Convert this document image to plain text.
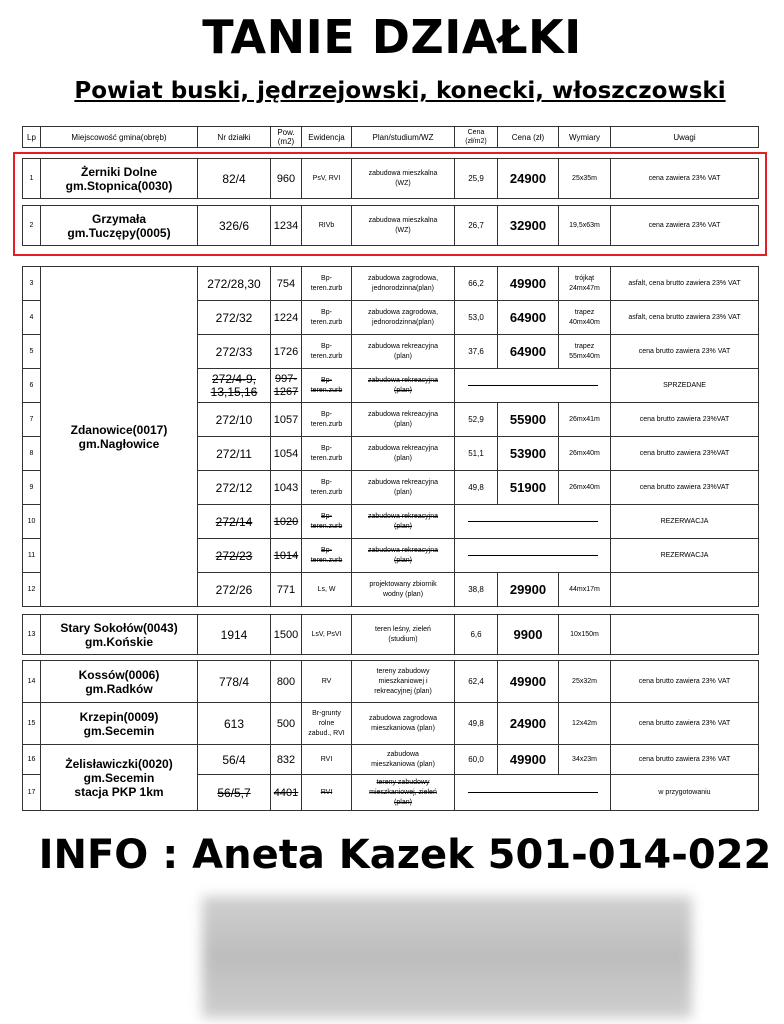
TANIE DZIAŁKI
Powiat buski, jędrzejowski, konecki, włoszczowski
Lp	Miejscowość gmina(obręb)	Nr działki	Pow.
(m2)	Ewidencja	Plan/studium/WZ	Cena
(zł/m2)	Cena (zł)	Wymiary	Uwagi

1	Żerniki Dolne
gm.Stopnica(0030)	82/4	960	PsV, RVI	zabudowa mieszkalna
(WZ)	25,9	24900	25x35m	cena zawiera 23% VAT

2	Grzymała
gm.Tuczępy(0005)	326/6	1234	RIVb	zabudowa mieszkalna
(WZ)	26,7	32900	19,5x63m	cena zawiera 23% VAT
3	Zdanowice(0017)
gm.Nagłowice	272/28,30	754	Bp-
teren.zurb	zabudowa zagrodowa,
jednorodzinna(plan)	66,2	49900	trójkąt
24mx47m	asfalt, cena brutto zawiera 23% VAT
4		272/32	1224	Bp-
teren.zurb	zabudowa zagrodowa,
jednorodzinna(plan)	53,0	64900	trapez
40mx40m	asfalt, cena brutto zawiera 23% VAT
5		272/33	1726	Bp-
teren.zurb	zabudowa rekreacyjna
(plan)	37,6	64900	trapez
55mx40m	cena brutto zawiera 23% VAT
6		272/4-9,
13,15,16	997-
1267	Bp-
teren.zurb	zabudowa rekreacyjna
(plan)				SPRZEDANE
7		272/10	1057	Bp-
teren.zurb	zabudowa rekreacyjna
(plan)	52,9	55900	26mx41m	cena brutto zawiera 23%VAT
8		272/11	1054	Bp-
teren.zurb	zabudowa rekreacyjna
(plan)	51,1	53900	26mx40m	cena brutto zawiera 23%VAT
9		272/12	1043	Bp-
teren.zurb	zabudowa rekreacyjna
(plan)	49,8	51900	26mx40m	cena brutto zawiera 23%VAT
10		272/14	1020	Bp-
teren.zurb	zabudowa rekreacyjna
(plan)				REZERWACJA
11		272/23	1014	Bp-
teren.zurb	zabudowa rekreacyjna
(plan)				REZERWACJA
12		272/26	771	Ls, W	projektowany zbiornik
wodny (plan)	38,8	29900	44mx17m	
13	Stary Sokołów(0043)
gm.Końskie	1914	1500	LsV, PsVI	teren leśny, zieleń
(studium)	6,6	9900	10x150m	
14	Kossów(0006)
gm.Radków	778/4	800	RV	tereny zabudowy
mieszkaniowej i
rekreacyjnej (plan)	62,4	49900	25x32m	cena brutto zawiera 23% VAT
15	Krzepin(0009)
gm.Secemin	613	500	Br-grunty
rolne
zabud., RVI	zabudowa zagrodowa
mieszkaniowa (plan)	49,8	24900	12x42m	cena brutto zawiera 23% VAT
16	Żelisławiczki(0020)
gm.Secemin
stacja PKP 1km	56/4	832	RVI	zabudowa
mieszkaniowa (plan)	60,0	49900	34x23m	cena brutto zawiera 23% VAT
17		56/5,7	4401	RVI	tereny zabudowy
mieszkaniowej, zieleń
(plan)				w przygotowaniu
INFO : Aneta Kazek 501-014-022
